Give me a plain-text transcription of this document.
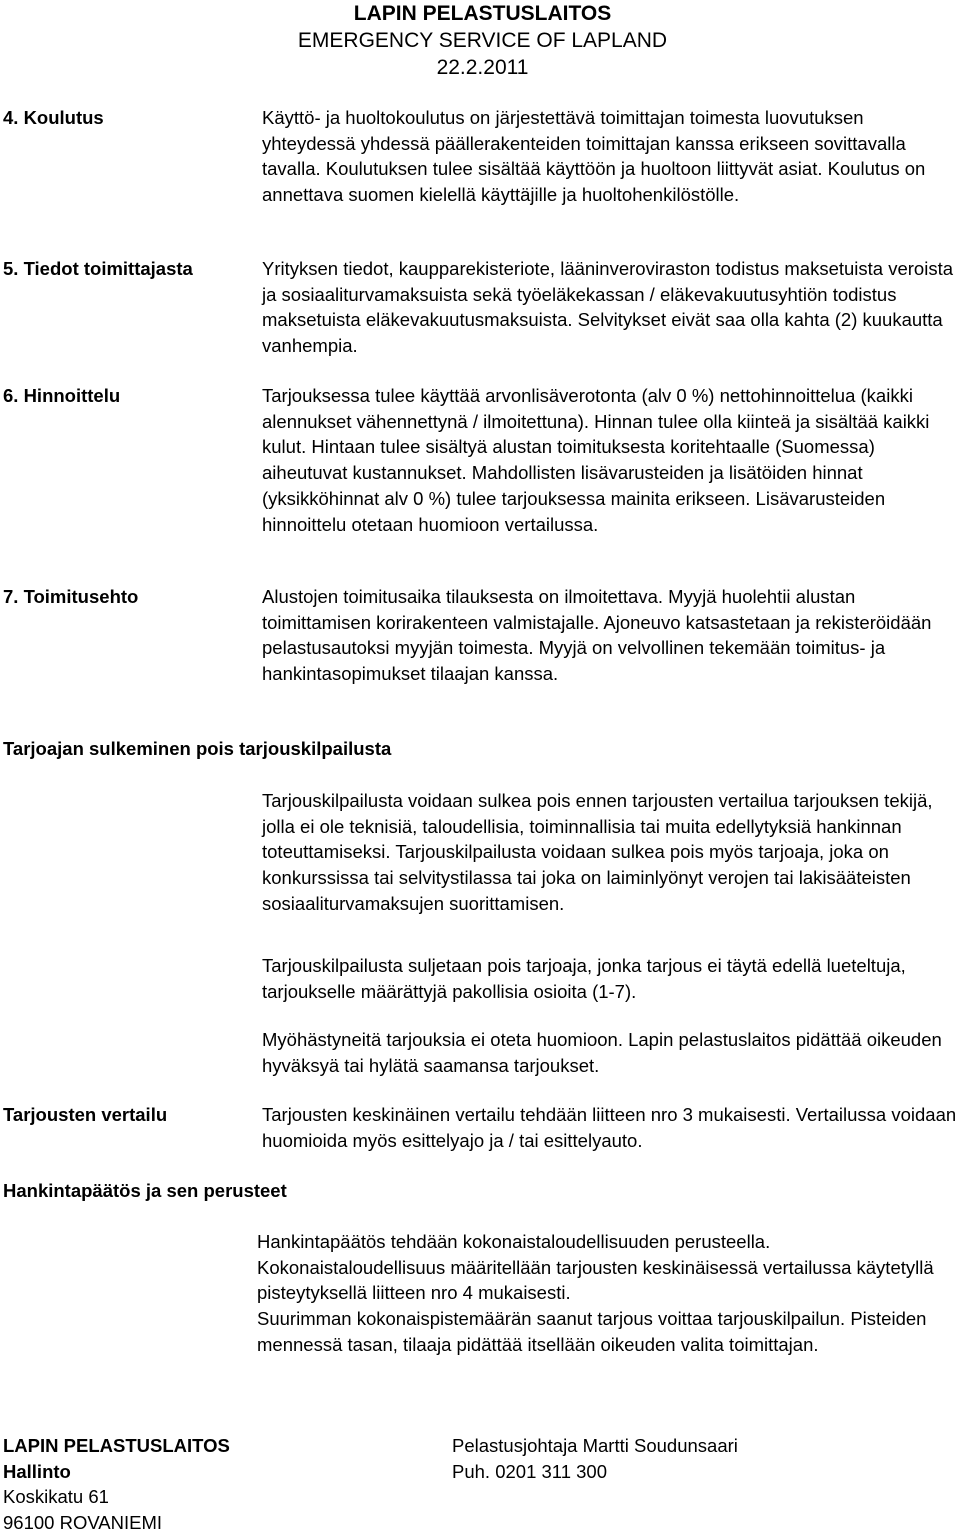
LAPIN PELASTUSLAITOS
EMERGENCY SERVICE OF LAPLAND
22.2.2011
4. Koulutus	Käyttö- ja huoltokoulutus on järjestettävä toimittajan toimesta luovutuksen yhteydessä yhdessä päällerakenteiden toimittajan kanssa erikseen sovittavalla tavalla. Koulutuksen tulee sisältää käyttöön ja huoltoon liittyvät asiat. Koulutus on annettava suomen kielellä käyttäjille ja huoltohenkilöstölle.

5. Tiedot toimittajasta	Yrityksen tiedot, kaupparekisteriote, lääninveroviraston todistus maksetuista veroista ja sosiaaliturvamaksuista sekä työeläkekassan / eläkevakuutusyhtiön todistus maksetuista eläkevakuutusmaksuista. Selvitykset eivät saa olla kahta (2) kuukautta vanhempia.

6. Hinnoittelu	Tarjouksessa tulee käyttää arvonlisäverotonta (alv 0 %) nettohinnoittelua (kaikki alennukset vähennettynä / ilmoitettuna). Hinnan tulee olla kiinteä ja sisältää kaikki kulut. Hintaan tulee sisältyä alustan toimituksesta koritehtaalle (Suomessa) aiheutuvat kustannukset. Mahdollisten lisävarusteiden ja lisätöiden hinnat (yksikköhinnat alv 0 %) tulee tarjouksessa mainita erikseen. Lisävarusteiden hinnoittelu otetaan huomioon vertailussa.

7. Toimitusehto	Alustojen toimitusaika tilauksesta on ilmoitettava. Myyjä huolehtii alustan toimittamisen korirakenteen valmistajalle. Ajoneuvo katsastetaan ja rekisteröidään pelastusautoksi myyjän toimesta. Myyjä on velvollinen tekemään toimitus- ja hankintasopimukset tilaajan kanssa.

Tarjoajan sulkeminen pois tarjouskilpailusta

Tarjouskilpailusta voidaan sulkea pois ennen tarjousten vertailua tarjouksen tekijä, jolla ei ole teknisiä, taloudellisia, toiminnallisia tai muita edellytyksiä hankinnan toteuttamiseksi. Tarjouskilpailusta voidaan sulkea pois myös tarjoaja, joka on konkurssissa tai selvitystilassa tai joka on laiminlyönyt verojen tai lakisääteisten sosiaaliturvamaksujen suorittamisen.

Tarjouskilpailusta suljetaan pois tarjoaja, jonka tarjous ei täytä edellä lueteltuja, tarjoukselle määrättyjä pakollisia osioita (1-7).

Myöhästyneitä tarjouksia ei oteta huomioon. Lapin pelastuslaitos pidättää oikeuden hyväksyä tai hylätä saamansa tarjoukset.

Tarjousten vertailu	Tarjousten keskinäinen vertailu tehdään liitteen nro 3 mukaisesti. Vertailussa voidaan huomioida myös esittelyajo ja / tai esittelyauto.

Hankintapäätös ja sen perusteet

Hankintapäätös tehdään kokonaistaloudellisuuden perusteella. Kokonaistaloudellisuus määritellään tarjousten keskinäisessä vertailussa käytetyllä pisteytyksellä liitteen nro 4 mukaisesti.

Suurimman kokonaispistemäärän saanut tarjous voittaa tarjouskilpailun. Pisteiden mennessä tasan, tilaaja pidättää itsellään oikeuden valita toimittajan.

LAPIN PELASTUSLAITOS
Hallinto
Koskikatu 61
96100 ROVANIEMI
Pelastusjohtaja Martti Soudunsaari
Puh. 0201 311 300
